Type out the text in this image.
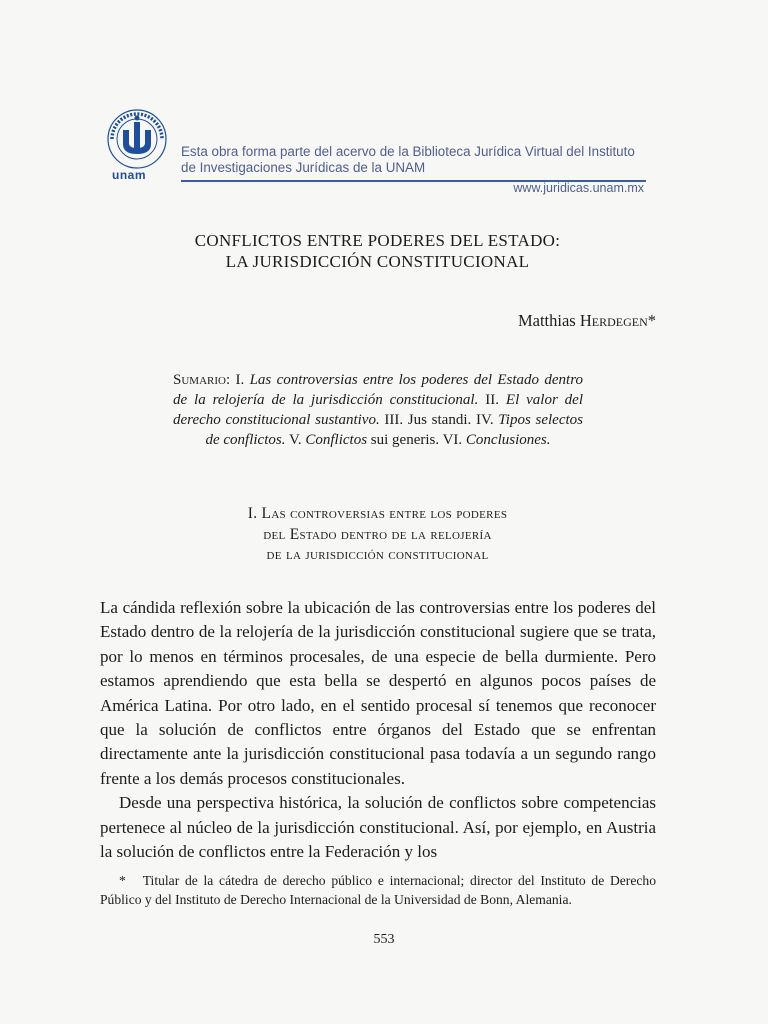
unam
Esta obra forma parte del acervo de la Biblioteca Jurídica Virtual del Instituto
de Investigaciones Jurídicas de la UNAM
www.juridicas.unam.mx
CONFLICTOS ENTRE PODERES DEL ESTADO:
LA JURISDICCIÓN CONSTITUCIONAL
Matthias Herdegen*
Sumario: I. Las controversias entre los poderes del Estado dentro de la relojería de la jurisdicción constitucional. II. El valor del derecho constitucional sustantivo. III. Jus standi. IV. Tipos selectos de conflictos. V. Conflictos sui generis. VI. Conclusiones.
I. Las controversias entre los poderes
del Estado dentro de la relojería
de la jurisdicción constitucional

La cándida reflexión sobre la ubicación de las controversias entre los poderes del Estado dentro de la relojería de la jurisdicción constitucional sugiere que se trata, por lo menos en términos procesales, de una especie de bella durmiente. Pero estamos aprendiendo que esta bella se despertó en algunos pocos países de América Latina. Por otro lado, en el sentido procesal sí tenemos que reconocer que la solución de conflictos entre órganos del Estado que se enfrentan directamente ante la jurisdicción constitucional pasa todavía a un segundo rango frente a los demás procesos constitucionales.

Desde una perspectiva histórica, la solución de conflictos sobre competencias pertenece al núcleo de la jurisdicción constitucional. Así, por ejemplo, en Austria la solución de conflictos entre la Federación y los

* Titular de la cátedra de derecho público e internacional; director del Instituto de Derecho Público y del Instituto de Derecho Internacional de la Universidad de Bonn, Alemania.
553
